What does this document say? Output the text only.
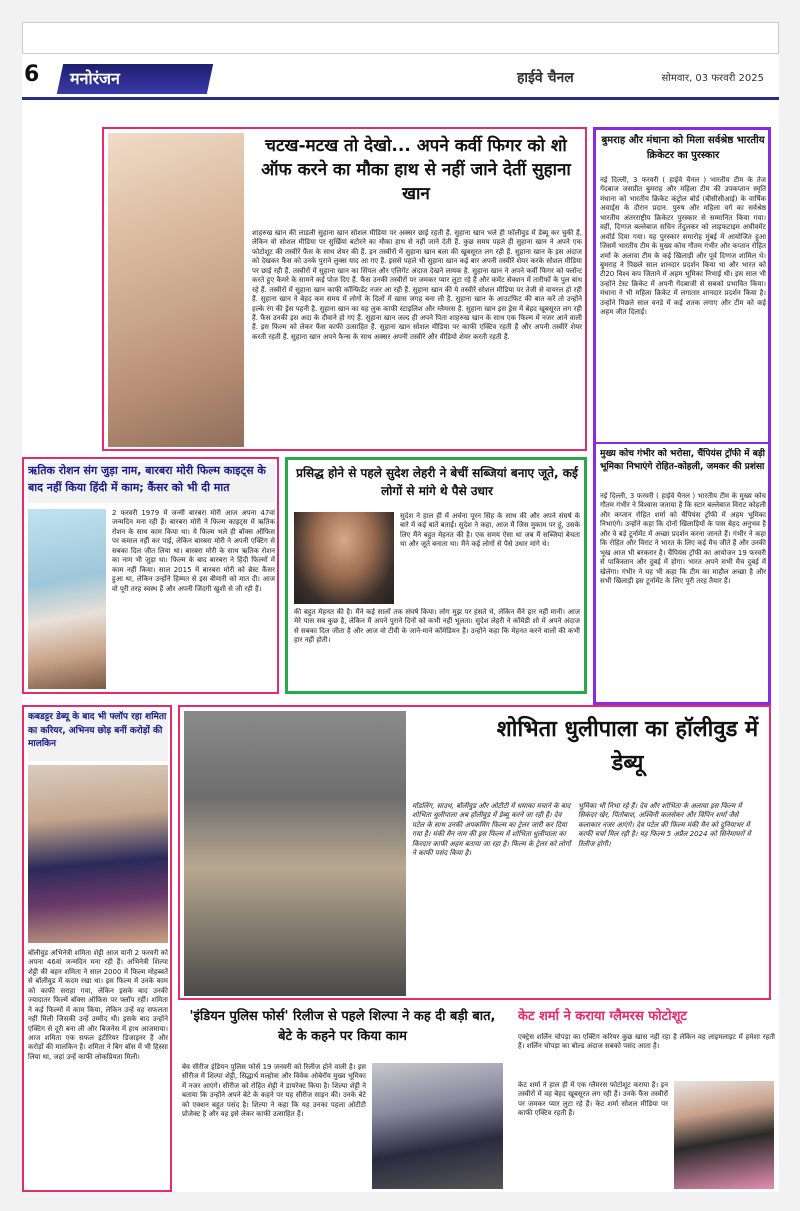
6	मनोरंजन	हाईवे चैनल	सोमवार, 03 फरवरी 2025
चटख-मटख तो देखो... अपने कर्वी फिगर को शो ऑफ करने का मौका हाथ से नहीं जाने देतीं सुहाना खान
शाहरुख खान की लाडली सुहाना खान सोशल मीडिया पर अक्सर छाई रहती हैं. सुहाना खान भले ही फॉलीवुड में डेब्यू कर चुकी हैं, लेकिन वो सोशल मीडिया पर सुर्खियां बटोरने का मौका हाथ से नहीं जाने देती हैं. कुछ समय पहले ही सुहाना खान ने अपने एक फोटोशूट की तस्वीरें फैंस के साथ शेयर की हैं. इन तस्वीरों में सुहाना खान बला की खूबसूरत लग रही हैं. सुहाना खान के इस अंदाज को देखकर फैंस को उनके पुराने लुक्स याद आ गए हैं. इससे पहले भी सुहाना खान कई बार अपनी तस्वीरें शेयर करके सोशल मीडिया पर छाई रही हैं. तस्वीरों में सुहाना खान का सिंपल और एलिगेंट अंदाज देखने लायक है. सुहाना खान ने अपने कर्वी फिगर को फ्लॉन्ट करते हुए कैमरे के सामने कई पोज दिए हैं. फैंस उनकी तस्वीरों पर जमकर प्यार लुटा रहे हैं और कमेंट सेक्शन में तारीफों के पुल बांध रहे हैं. तस्वीरों में सुहाना खान काफी कॉन्फिडेंट नजर आ रही हैं. सुहाना खान की ये तस्वीरें सोशल मीडिया पर तेजी से वायरल हो रही हैं. सुहाना खान ने बेहद कम समय में लोगों के दिलों में खास जगह बना ली है. सुहाना खान के आउटफिट की बात करें तो उन्होंने हल्के रंग की ड्रेस पहनी है. सुहाना खान का यह लुक काफी स्टाइलिश और ग्लैमरस है. सुहाना खान इस ड्रेस में बेहद खूबसूरत लग रही हैं. फैंस उनकी इस अदा के दीवाने हो गए हैं. सुहाना खान जल्द ही अपने पिता शाहरुख खान के साथ एक फिल्म में नजर आने वाली हैं. इस फिल्म को लेकर फैंस काफी उत्साहित हैं. सुहाना खान सोशल मीडिया पर काफी एक्टिव रहती हैं और अपनी तस्वीरें शेयर करती रहती हैं. सुहाना खान अपने फैन्स के साथ अक्सर अपनी तस्वीरें और वीडियो शेयर करती रहती हैं.
बुमराह और मंधाना को मिला सर्वश्रेष्ठ भारतीय क्रिकेटर का पुरस्कार
नई दिल्ली, 3 फरवरी ( हाईवे चैनल ) भारतीय टीम के तेज गेंदबाज जसप्रीत बुमराह और महिला टीम की उपकप्तान स्मृति मंधाना को भारतीय क्रिकेट कंट्रोल बोर्ड (बीसीसीआई) के वार्षिक अवार्ड्स के दौरान प्रदान. पुरुष और महिला वर्ग का सर्वश्रेष्ठ भारतीय अंतरराष्ट्रीय क्रिकेटर पुरस्कार से सम्मानित किया गया। वहीं, दिग्गज बल्लेबाज सचिन तेंदुलकर को लाइफटाइम अचीवमेंट अवॉर्ड दिया गया। यह पुरस्कार समारोह मुंबई में आयोजित हुआ जिसमें भारतीय टीम के मुख्य कोच गौतम गंभीर और कप्तान रोहित शर्मा के अलावा टीम के कई खिलाड़ी और पूर्व दिग्गज शामिल थे। बुमराह ने पिछले साल शानदार प्रदर्शन किया था और भारत को टी20 विश्व कप जिताने में अहम भूमिका निभाई थी। इस साल भी उन्होंने टेस्ट क्रिकेट में अपनी गेंदबाजी से सबको प्रभावित किया। मंधाना ने भी महिला क्रिकेट में लगातार शानदार प्रदर्शन किया है। उन्होंने पिछले साल वनडे में कई शतक लगाए और टीम को कई अहम जीत दिलाईं।
मुख्य कोच गंभीर को भरोसा, चैंपियंस ट्रॉफी में बड़ी भूमिका निभाएंगे रोहित-कोहली, जमकर की प्रशंसा
नई दिल्ली, 3 फरवरी ( हाईवे चैनल ) भारतीय टीम के मुख्य कोच गौतम गंभीर ने विश्वास जताया है कि स्टार बल्लेबाज विराट कोहली और कप्तान रोहित शर्मा को चैंपियंस ट्रॉफी में अहम भूमिका निभाएंगे। उन्होंने कहा कि दोनों खिलाड़ियों के पास बेहद अनुभव है और वे बड़े टूर्नामेंट में अच्छा प्रदर्शन करना जानते हैं। गंभीर ने कहा कि रोहित और विराट ने भारत के लिए कई मैच जीते हैं और उनकी भूख आज भी बरकरार है। चैंपियंस ट्रॉफी का आयोजन 19 फरवरी से पाकिस्तान और दुबई में होगा। भारत अपने सभी मैच दुबई में खेलेगा। गंभीर ने यह भी कहा कि टीम का माहौल अच्छा है और सभी खिलाड़ी इस टूर्नामेंट के लिए पूरी तरह तैयार हैं।
ऋतिक रोशन संग जुड़ा नाम, बारबरा मोरी फिल्म काइट्स के बाद नहीं किया हिंदी में काम; कैंसर को भी दी मात
2 फरवरी 1979 में जन्मीं बारबरा मोरी आज अपना 47वां जन्मदिन मना रही हैं। बारबरा मोरी ने फिल्म काइट्स में ऋतिक रोशन के साथ काम किया था। ये फिल्म भले ही बॉक्स ऑफिस पर कमाल नहीं कर पाई, लेकिन बारबरा मोरी ने अपनी एक्टिंग से सबका दिल जीत लिया था। बारबरा मोरी के साथ ऋतिक रोशन का नाम भी जुड़ा था। फिल्म के बाद बारबरा ने हिंदी फिल्मों में काम नहीं किया। साल 2015 में बारबरा मोरी को ब्रेस्ट कैंसर हुआ था, लेकिन उन्होंने हिम्मत से इस बीमारी को मात दी। आज वो पूरी तरह स्वस्थ हैं और अपनी जिंदगी खुशी से जी रही हैं।
प्रसिद्ध होने से पहले सुदेश लेहरी ने बेचीं सब्जियां बनाए जूते, कई लोगों से मांगे थे पैसे उधार
सुदेश ने हाल ही में अर्चना पूरन सिंह के साथ की और अपने संघर्ष के बारे में कई बातें बताईं। सुदेश ने कहा, आज मैं जिस मुकाम पर हूं, उसके लिए मैंने बहुत मेहनत की है। एक समय ऐसा था जब मैं सब्जियां बेचता था और जूते बनाता था। मैंने कई लोगों से पैसे उधार मांगे थे।
की बहुत मेहनत की है। मैंने कई सालों तक संघर्ष किया। लोग मुझ पर हंसते थे, लेकिन मैंने हार नहीं मानी। आज मेरे पास सब कुछ है, लेकिन मैं अपने पुराने दिनों को कभी नहीं भूलता। सुदेश लेहरी ने कॉमेडी शो में अपने अंदाज से सबका दिल जीता है और आज वो टीवी के जाने-माने कॉमेडियन हैं। उन्होंने कहा कि मेहनत करने वालों की कभी हार नहीं होती।
कबडट्टर डेब्यू के बाद भी फ्लॉप रहा शमिता का करियर, अभिनय छोड़ बनीं करोड़ों की मालकिन
बॉलीवुड अभिनेत्री शमिता शेट्टी आज यानी 2 फरवरी को अपना 46वां जन्मदिन मना रही हैं। अभिनेत्री शिल्पा शेट्टी की बहन शमिता ने साल 2000 में फिल्म मोहब्बतें से बॉलीवुड में कदम रखा था। इस फिल्म में उनके काम को काफी सराहा गया, लेकिन इसके बाद उनकी ज्यादातर फिल्में बॉक्स ऑफिस पर फ्लॉप रहीं। शमिता ने कई फिल्मों में काम किया, लेकिन उन्हें वह सफलता नहीं मिली जिसकी उन्हें उम्मीद थी। इसके बाद उन्होंने एक्टिंग से दूरी बना ली और बिजनेस में हाथ आजमाया। आज शमिता एक सफल इंटीरियर डिजाइनर हैं और करोड़ों की मालकिन हैं। शमिता ने बिग बॉस में भी हिस्सा लिया था, जहां उन्हें काफी लोकप्रियता मिली।
शोभिता धुलीपाला का हॉलीवुड में डेब्यू
मॉडलिंग, साउथ, बॉलीवुड और ओटीटी में धमाका मचाने के बाद शोभिता धुलीपाला अब हॉलीवुड में डेब्यू करने जा रही हैं। देव पटेल के साथ उनकी अपकमिंग फिल्म का ट्रेलर जारी कर दिया गया है। मंकी मैन नाम की इस फिल्म में शोभिता धुलीपाला का किरदार काफी अहम बताया जा रहा है। फिल्म के ट्रेलर को लोगों ने काफी पसंद किया है।
भूमिका भी निभा रहे हैं। देव और शोभिता के अलावा इस फिल्म में सिकंदर खेर, पितोबाश, अश्विनी कलसेकर और विपिन शर्मा जैसे कलाकार नजर आएंगे। देव पटेल की फिल्म मंकी मैन को दुनियाभर में काफी चर्चा मिल रही है। यह फिल्म 5 अप्रैल 2024 को सिनेमाघरों में रिलीज होगी।
'इंडियन पुलिस फोर्स' रिलीज से पहले शिल्पा ने कह दी बड़ी बात, बेटे के कहने पर किया काम
बेव सीरीज इंडियन पुलिस फोर्स 19 जनवरी को रिलीज होने वाली है। इस सीरीज में शिल्पा शेट्टी, सिद्धार्थ मल्होत्रा और विवेक ओबेरॉय मुख्य भूमिका में नजर आएंगे। सीरीज को रोहित शेट्टी ने डायरेक्ट किया है। शिल्पा शेट्टी ने बताया कि उन्होंने अपने बेटे के कहने पर यह सीरीज साइन की। उनके बेटे को एक्शन बहुत पसंद है। शिल्पा ने कहा कि यह उनका पहला ओटीटी प्रोजेक्ट है और वह इसे लेकर काफी उत्साहित हैं।
केट शर्मा ने कराया ग्लैमरस फोटोशूट
एक्ट्रेस शर्लिन चोपड़ा का एक्टिंग करियर कुछ खास नहीं रहा है लेकिन वह लाइमलाइट में हमेशा रहती हैं। शर्लिन चोपड़ा का बोल्ड अंदाज सबको पसंद आता है।
केट शर्मा ने हाल ही में एक ग्लैमरस फोटोशूट कराया है। इन तस्वीरों में वह बेहद खूबसूरत लग रही हैं। उनके फैंस तस्वीरों पर जमकर प्यार लुटा रहे हैं। केट शर्मा सोशल मीडिया पर काफी एक्टिव रहती हैं।
